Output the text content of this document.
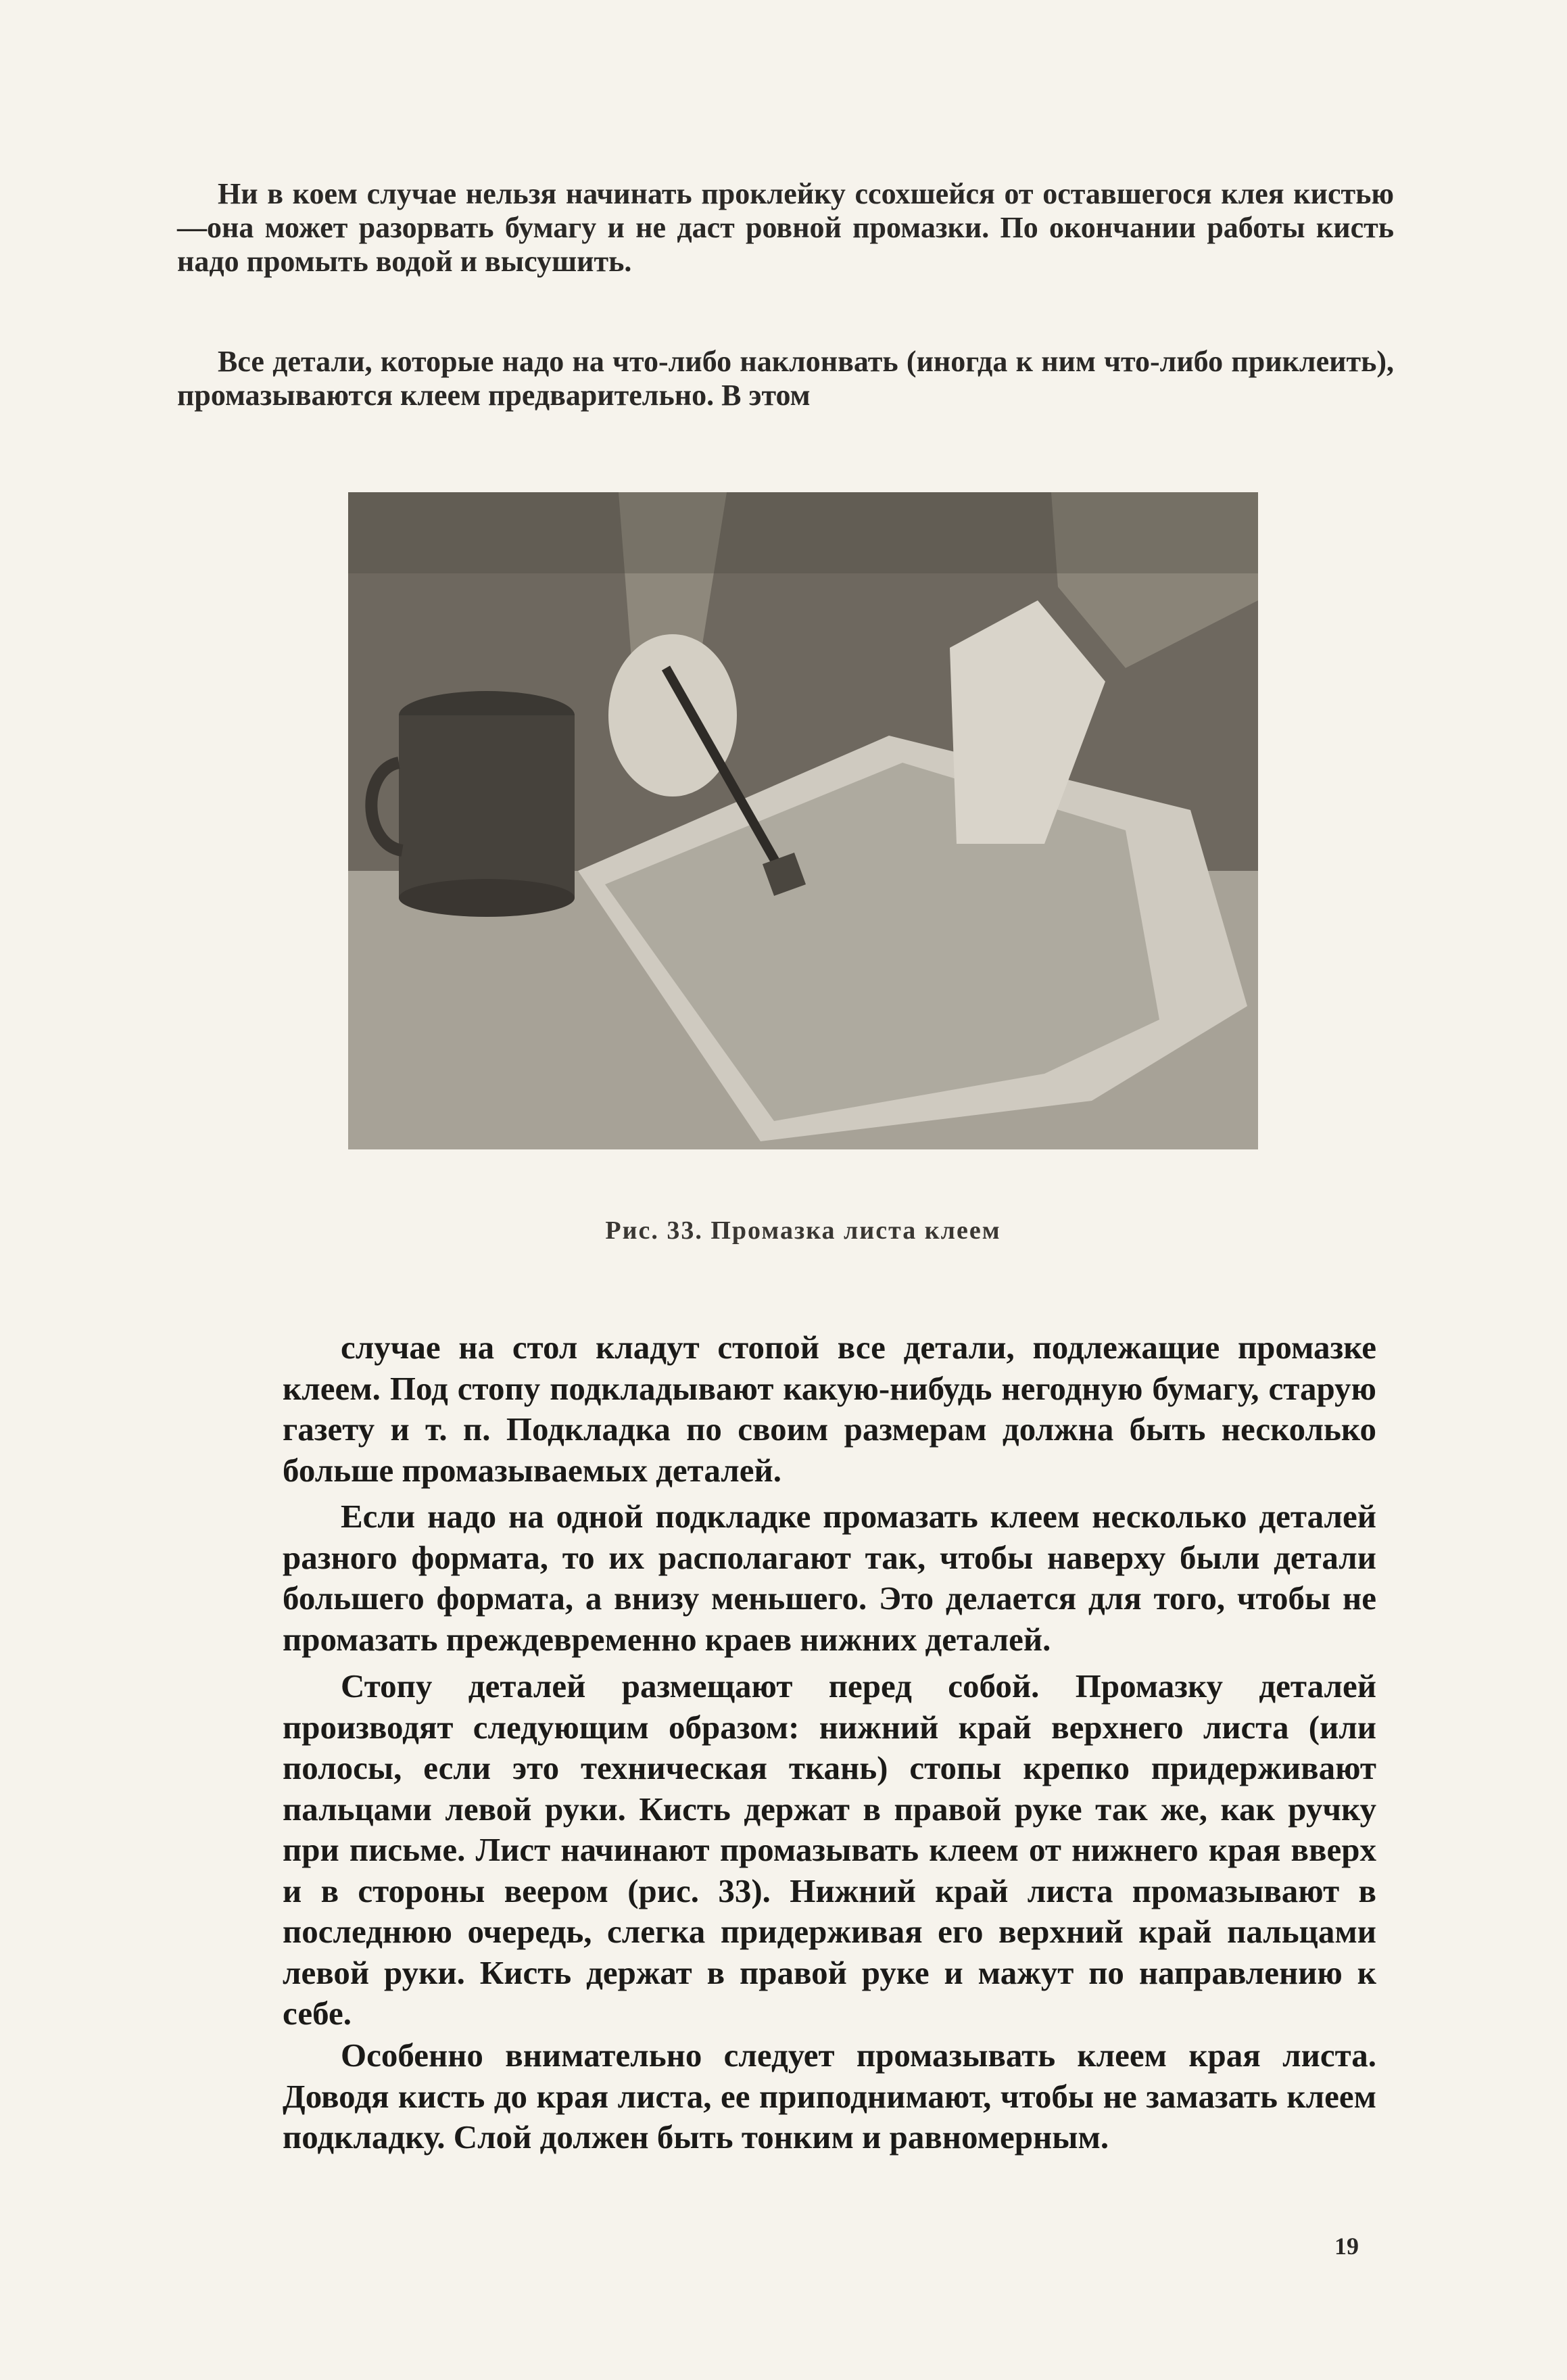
Ни в коем случае нельзя начинать проклейку ссохшейся от оставшегося клея кистью—она может разорвать бумагу и не даст ровной промазки. По окончании работы кисть надо промыть водой и высушить.

Все детали, которые надо на что-либо наклонвать (иногда к ним что-либо приклеить), промазываются клеем предварительно. В этом

Рис. 33. Промазка листа клеем

случае на стол кладут стопой все детали, подлежащие промазке клеем. Под стопу подкладывают какую-нибудь негодную бумагу, старую газету и т. п. Подкладка по своим размерам должна быть несколько больше промазываемых деталей.

Если надо на одной подкладке промазать клеем несколько деталей разного формата, то их располагают так, чтобы наверху были детали большего формата, а внизу меньшего. Это делается для того, чтобы не промазать преждевременно краев нижних деталей.

Стопу деталей размещают перед собой. Промазку деталей производят следующим образом: нижний край верхнего листа (или полосы, если это техническая ткань) стопы крепко придерживают пальцами левой руки. Кисть держат в правой руке так же, как ручку при письме. Лист начинают промазывать клеем от нижнего края вверх и в стороны веером (рис. 33). Нижний край листа промазывают в последнюю очередь, слегка придерживая его верхний край пальцами левой руки. Кисть держат в правой руке и мажут по направлению к себе.

Особенно внимательно следует промазывать клеем края листа. Доводя кисть до края листа, ее приподнимают, чтобы не замазать клеем подкладку. Слой должен быть тонким и равномерным.

19
